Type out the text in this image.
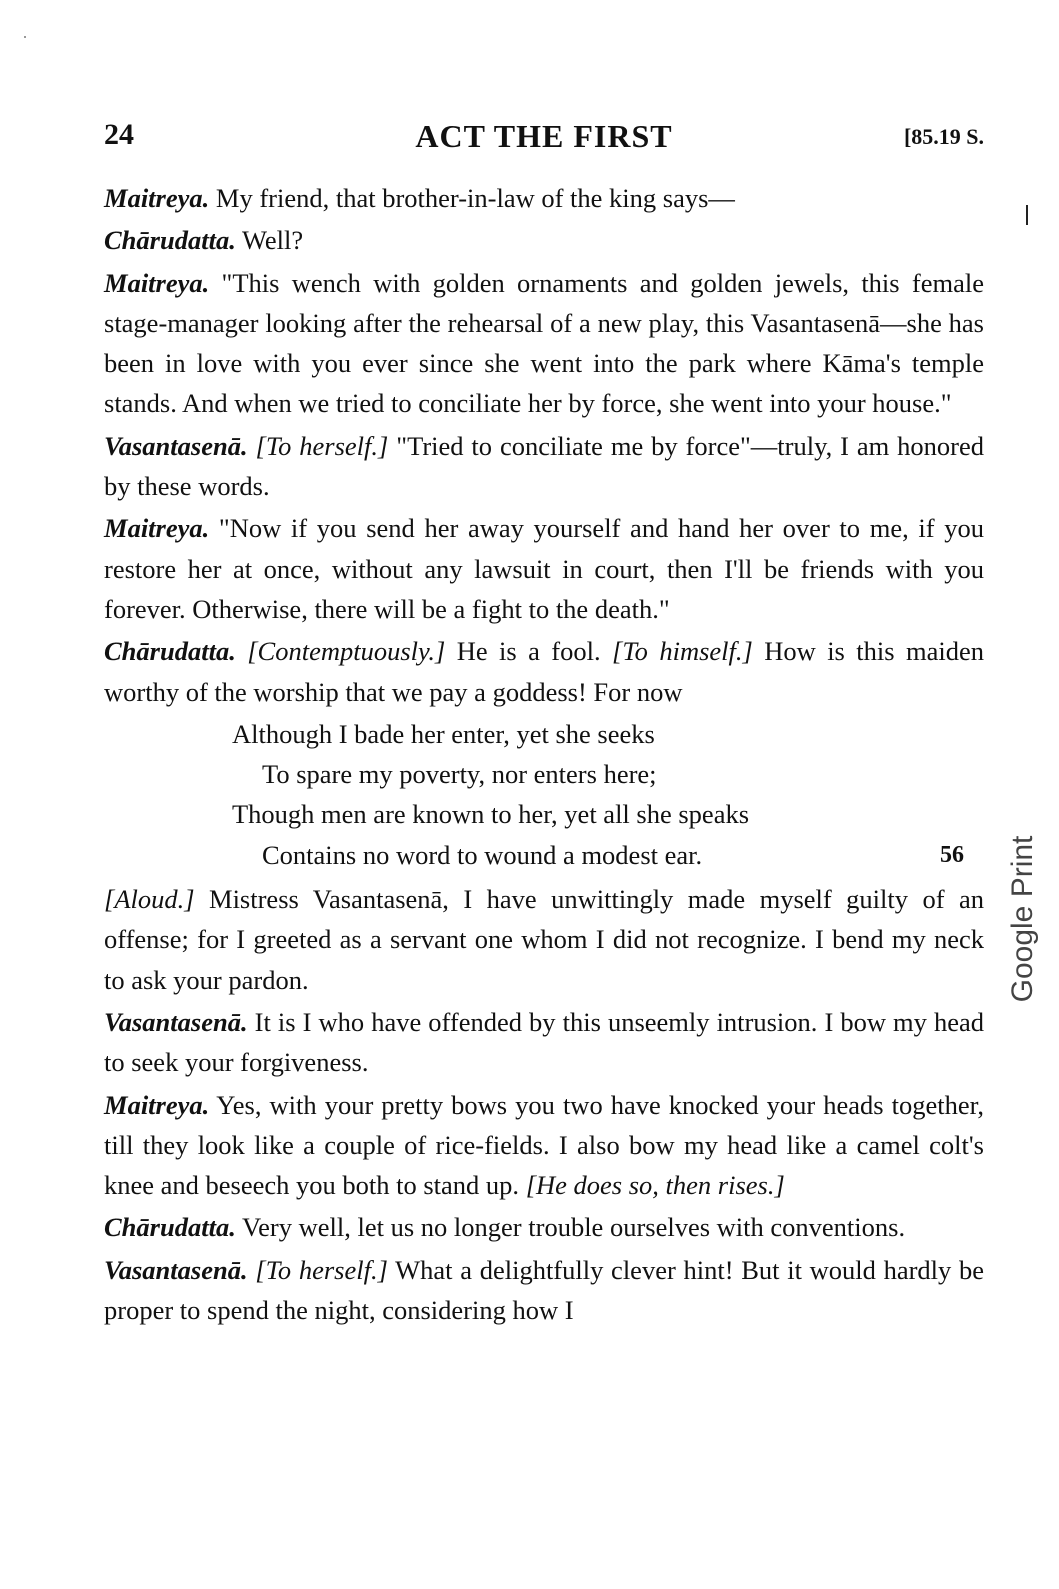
24	ACT THE FIRST	[85.19 S.

Maitreya. My friend, that brother-in-law of the king says—

Chārudatta. Well?

Maitreya. "This wench with golden ornaments and golden jewels, this female stage-manager looking after the rehearsal of a new play, this Vasantasenā—she has been in love with you ever since she went into the park where Kāma's temple stands. And when we tried to conciliate her by force, she went into your house."

Vasantasenā. [To herself.] "Tried to conciliate me by force"—truly, I am honored by these words.

Maitreya. "Now if you send her away yourself and hand her over to me, if you restore her at once, without any lawsuit in court, then I'll be friends with you forever. Otherwise, there will be a fight to the death."

Chārudatta. [Contemptuously.] He is a fool. [To himself.] How is this maiden worthy of the worship that we pay a goddess! For now

Although I bade her enter, yet she seeks
To spare my poverty, nor enters here;
Though men are known to her, yet all she speaks
Contains no word to wound a modest ear.	56

[Aloud.] Mistress Vasantasenā, I have unwittingly made myself guilty of an offense; for I greeted as a servant one whom I did not recognize. I bend my neck to ask your pardon.

Vasantasenā. It is I who have offended by this unseemly intrusion. I bow my head to seek your forgiveness.

Maitreya. Yes, with your pretty bows you two have knocked your heads together, till they look like a couple of rice-fields. I also bow my head like a camel colt's knee and beseech you both to stand up. [He does so, then rises.]

Chārudatta. Very well, let us no longer trouble ourselves with conventions.

Vasantasenā. [To herself.] What a delightfully clever hint! But it would hardly be proper to spend the night, considering how I

Google Print
